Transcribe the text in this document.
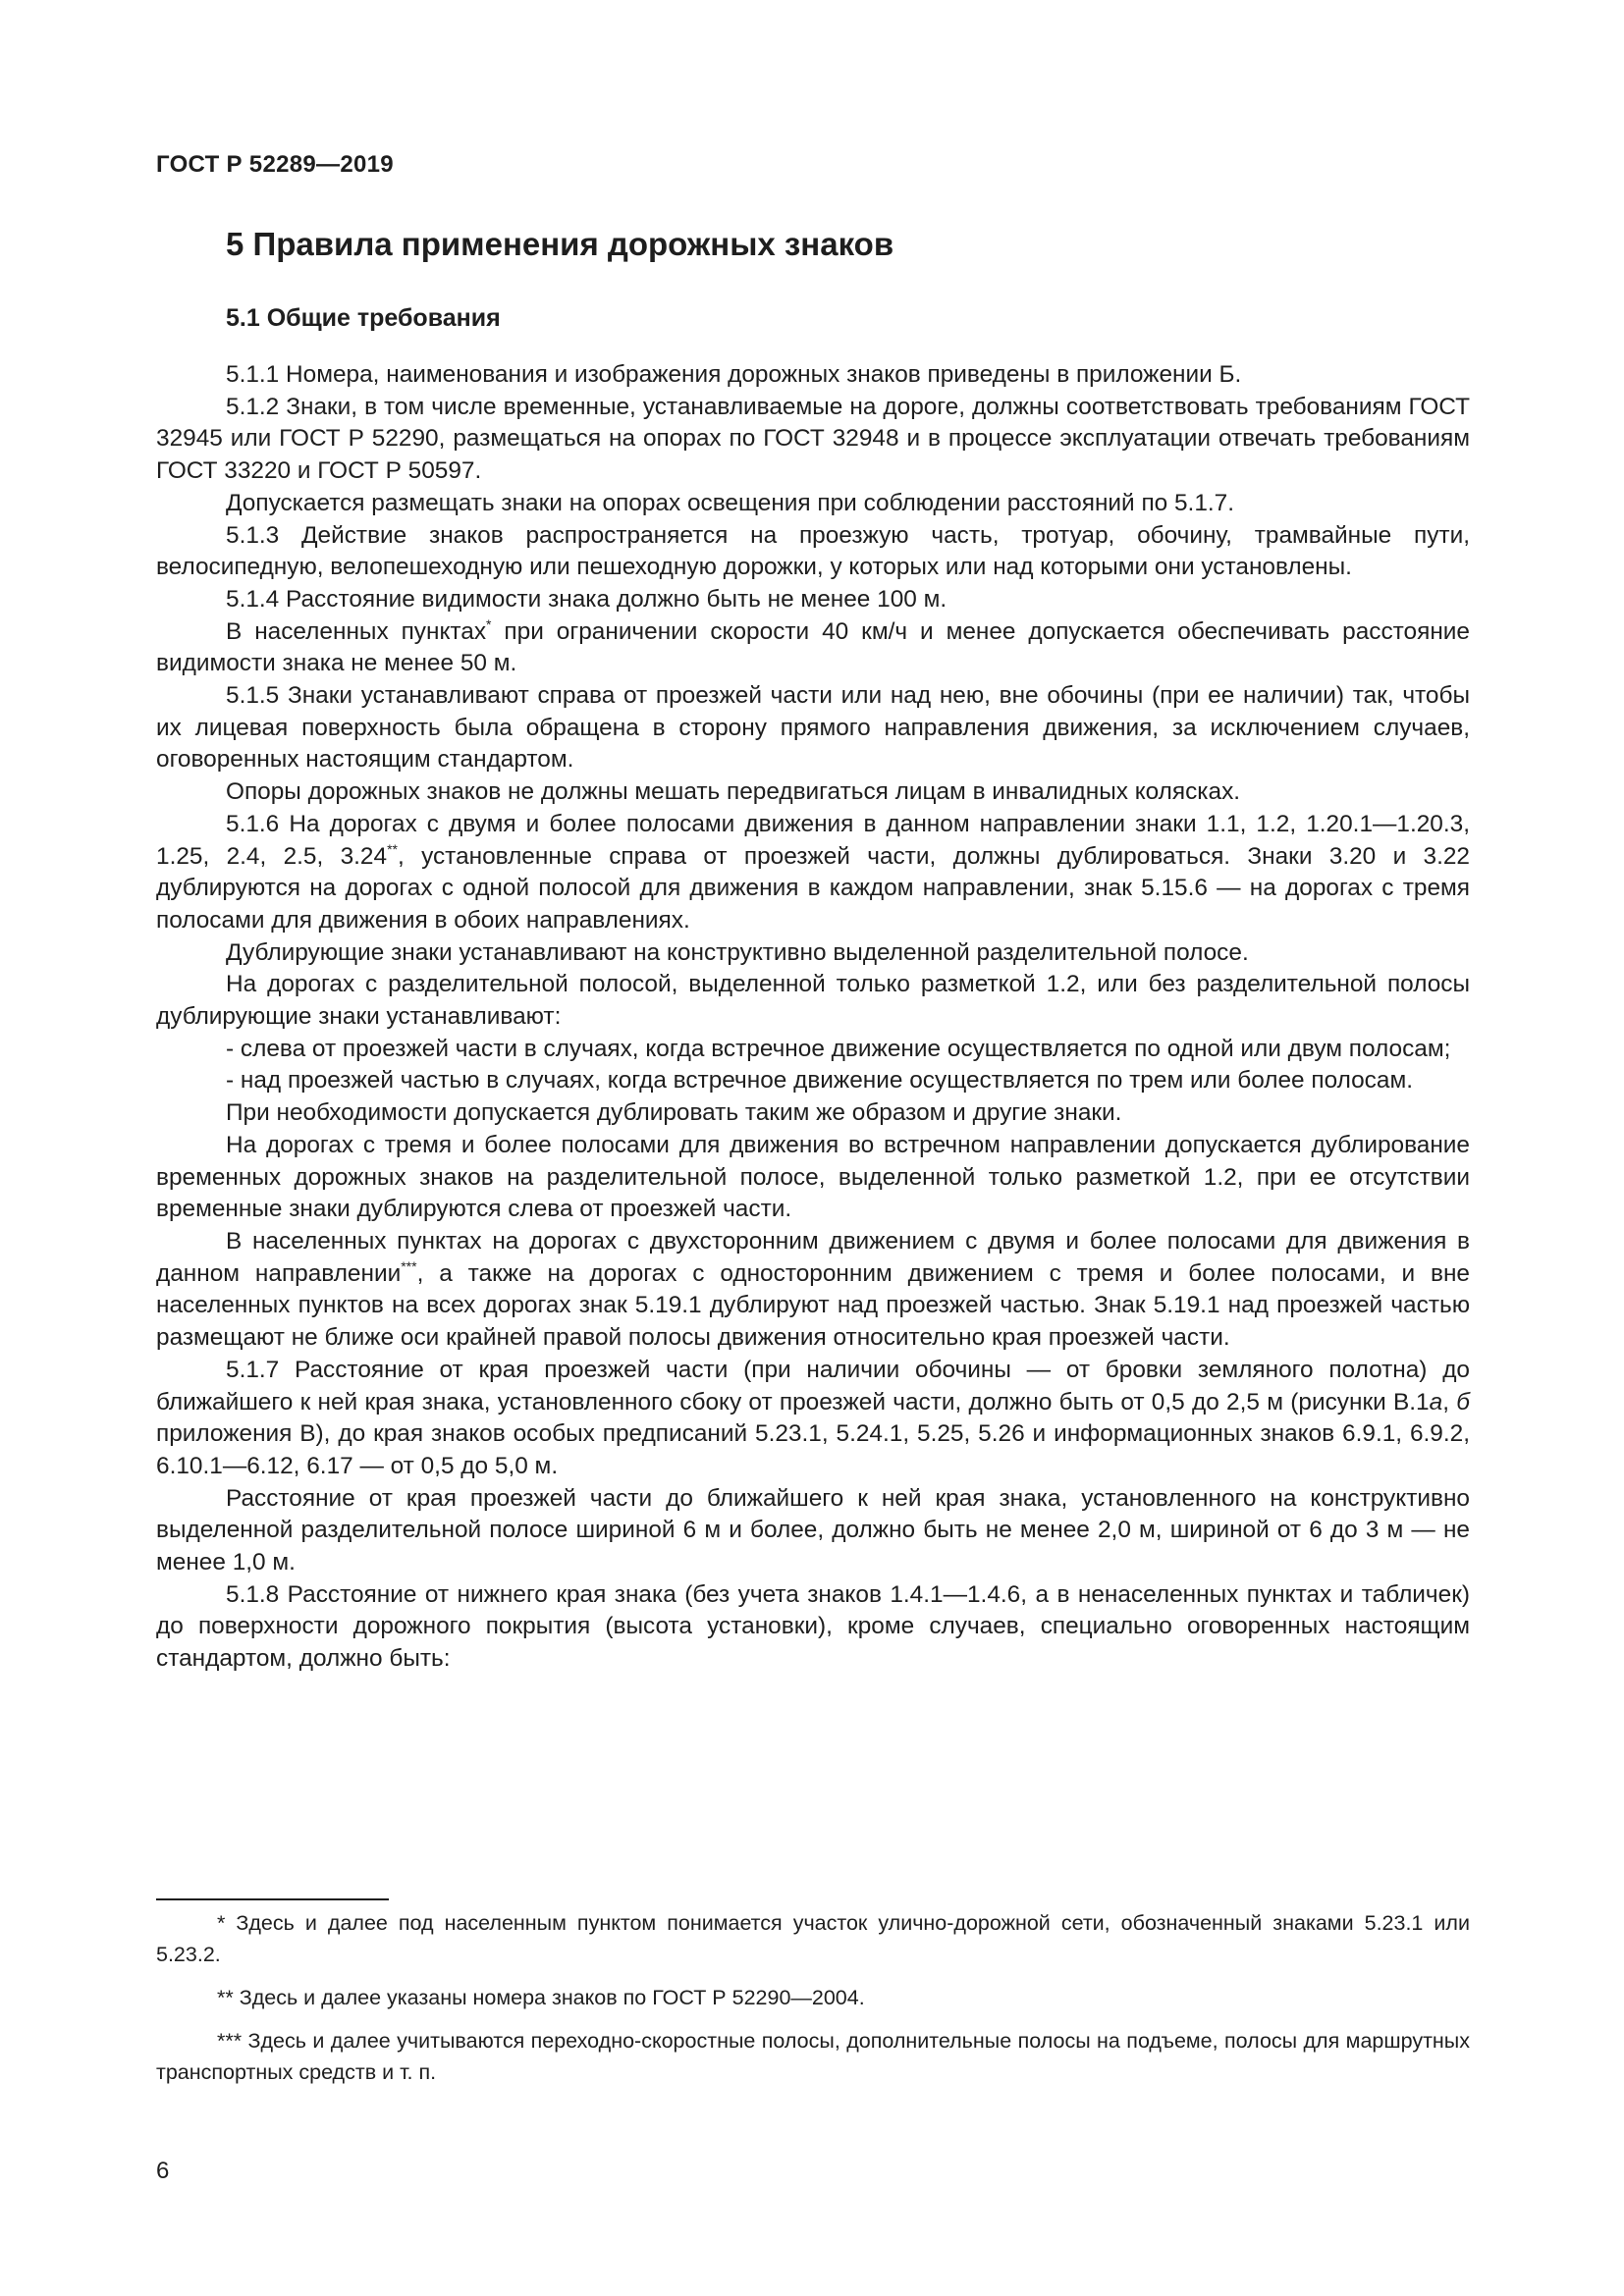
ГОСТ Р 52289—2019
5 Правила применения дорожных знаков
5.1 Общие требования

5.1.1 Номера, наименования и изображения дорожных знаков приведены в приложении Б.

5.1.2 Знаки, в том числе временные, устанавливаемые на дороге, должны соответствовать требованиям ГОСТ 32945 или ГОСТ Р 52290, размещаться на опорах по ГОСТ 32948 и в процессе эксплуатации отвечать требованиям ГОСТ 33220 и ГОСТ Р 50597.

Допускается размещать знаки на опорах освещения при соблюдении расстояний по 5.1.7.

5.1.3 Действие знаков распространяется на проезжую часть, тротуар, обочину, трамвайные пути, велосипедную, велопешеходную или пешеходную дорожки, у которых или над которыми они установлены.

5.1.4 Расстояние видимости знака должно быть не менее 100 м.

В населенных пунктах* при ограничении скорости 40 км/ч и менее допускается обеспечивать расстояние видимости знака не менее 50 м.

5.1.5 Знаки устанавливают справа от проезжей части или над нею, вне обочины (при ее наличии) так, чтобы их лицевая поверхность была обращена в сторону прямого направления движения, за исключением случаев, оговоренных настоящим стандартом.

Опоры дорожных знаков не должны мешать передвигаться лицам в инвалидных колясках.

5.1.6 На дорогах с двумя и более полосами движения в данном направлении знаки 1.1, 1.2, 1.20.1—1.20.3, 1.25, 2.4, 2.5, 3.24**, установленные справа от проезжей части, должны дублироваться. Знаки 3.20 и 3.22 дублируются на дорогах с одной полосой для движения в каждом направлении, знак 5.15.6 — на дорогах с тремя полосами для движения в обоих направлениях.

Дублирующие знаки устанавливают на конструктивно выделенной разделительной полосе.

На дорогах с разделительной полосой, выделенной только разметкой 1.2, или без разделительной полосы дублирующие знаки устанавливают:

- слева от проезжей части в случаях, когда встречное движение осуществляется по одной или двум полосам;

- над проезжей частью в случаях, когда встречное движение осуществляется по трем или более полосам.

При необходимости допускается дублировать таким же образом и другие знаки.

На дорогах с тремя и более полосами для движения во встречном направлении допускается дублирование временных дорожных знаков на разделительной полосе, выделенной только разметкой 1.2, при ее отсутствии временные знаки дублируются слева от проезжей части.

В населенных пунктах на дорогах с двухсторонним движением с двумя и более полосами для движения в данном направлении***, а также на дорогах с односторонним движением с тремя и более полосами, и вне населенных пунктов на всех дорогах знак 5.19.1 дублируют над проезжей частью. Знак 5.19.1 над проезжей частью размещают не ближе оси крайней правой полосы движения относительно края проезжей части.

5.1.7 Расстояние от края проезжей части (при наличии обочины — от бровки земляного полотна) до ближайшего к ней края знака, установленного сбоку от проезжей части, должно быть от 0,5 до 2,5 м (рисунки В.1а, б приложения В), до края знаков особых предписаний 5.23.1, 5.24.1, 5.25, 5.26 и информационных знаков 6.9.1, 6.9.2, 6.10.1—6.12, 6.17 — от 0,5 до 5,0 м.

Расстояние от края проезжей части до ближайшего к ней края знака, установленного на конструктивно выделенной разделительной полосе шириной 6 м и более, должно быть не менее 2,0 м, шириной от 6 до 3 м — не менее 1,0 м.

5.1.8 Расстояние от нижнего края знака (без учета знаков 1.4.1—1.4.6, а в ненаселенных пунктах и табличек) до поверхности дорожного покрытия (высота установки), кроме случаев, специально оговоренных настоящим стандартом, должно быть:

* Здесь и далее под населенным пунктом понимается участок улично-дорожной сети, обозначенный знаками 5.23.1 или 5.23.2.

** Здесь и далее указаны номера знаков по ГОСТ Р 52290—2004.

*** Здесь и далее учитываются переходно-скоростные полосы, дополнительные полосы на подъеме, полосы для маршрутных транспортных средств и т. п.

6
